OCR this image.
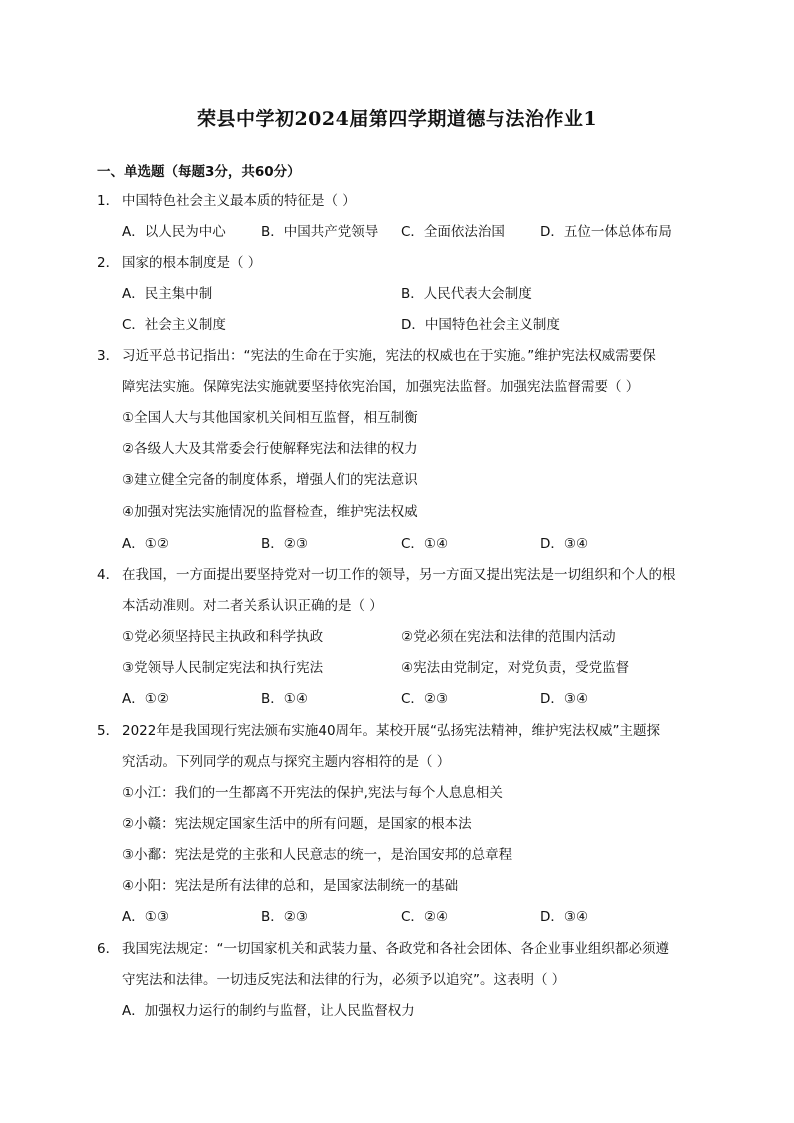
荣县中学初2024届第四学期道德与法治作业1
一、单选题（每题3分，共60分）
1． 中国特色社会主义最本质的特征是（ ）
A．以人民为中心	B．中国共产党领导 C．全面依法治国	D．五位一体总体布局
2． 国家的根本制度是（ ）
A．民主集中制	B．人民代表大会制度
C．社会主义制度	D．中国特色社会主义制度
3． 习近平总书记指出：“宪法的生命在于实施，宪法的权威也在于实施。”维护宪法权威需要保
障宪法实施。保障宪法实施就要坚持依宪治国，加强宪法监督。加强宪法监督需要（ ）
①全国人大与其他国家机关间相互监督，相互制衡
②各级人大及其常委会行使解释宪法和法律的权力
③建立健全完备的制度体系，增强人们的宪法意识
④加强对宪法实施情况的监督检查，维护宪法权威
A．①②	B．②③	C．①④	D．③④
4． 在我国，一方面提出要坚持党对一切工作的领导，另一方面又提出宪法是一切组织和个人的根
本活动准则。对二者关系认识正确的是（ ）
①党必须坚持民主执政和科学执政	②党必须在宪法和法律的范围内活动
③党领导人民制定宪法和执行宪法	④宪法由党制定，对党负责，受党监督
A．①②	B．①④	C．②③	D．③④
5． 2022年是我国现行宪法颁布实施40周年。某校开展“弘扬宪法精神，维护宪法权威”主题探
究活动。下列同学的观点与探究主题内容相符的是（ ）
①小江：我们的一生都离不开宪法的保护,宪法与每个人息息相关
②小赣：宪法规定国家生活中的所有问题，是国家的根本法
③小鄱：宪法是党的主张和人民意志的统一，是治国安邦的总章程
④小阳：宪法是所有法律的总和，是国家法制统一的基础
A．①③	B．②③	C．②④	D．③④
6． 我国宪法规定：“一切国家机关和武装力量、各政党和各社会团体、各企业事业组织都必须遵
守宪法和法律。一切违反宪法和法律的行为，必须予以追究”。这表明（ ）
A．加强权力运行的制约与监督，让人民监督权力
